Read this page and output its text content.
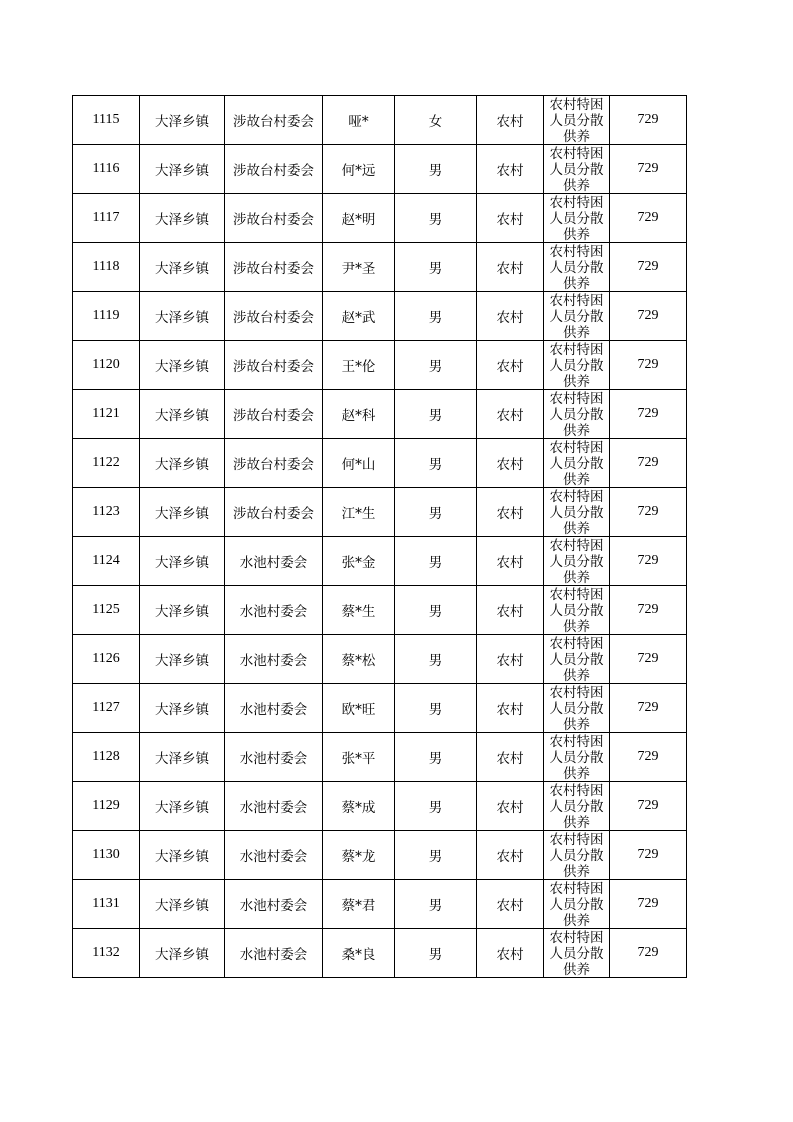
1115	大泽乡镇	涉故台村委会	哑*	女	农村	农村特困人员分散供养	729
1116	大泽乡镇	涉故台村委会	何*远	男	农村	农村特困人员分散供养	729
1117	大泽乡镇	涉故台村委会	赵*明	男	农村	农村特困人员分散供养	729
1118	大泽乡镇	涉故台村委会	尹*圣	男	农村	农村特困人员分散供养	729
1119	大泽乡镇	涉故台村委会	赵*武	男	农村	农村特困人员分散供养	729
1120	大泽乡镇	涉故台村委会	王*伦	男	农村	农村特困人员分散供养	729
1121	大泽乡镇	涉故台村委会	赵*科	男	农村	农村特困人员分散供养	729
1122	大泽乡镇	涉故台村委会	何*山	男	农村	农村特困人员分散供养	729
1123	大泽乡镇	涉故台村委会	江*生	男	农村	农村特困人员分散供养	729
1124	大泽乡镇	水池村委会	张*金	男	农村	农村特困人员分散供养	729
1125	大泽乡镇	水池村委会	蔡*生	男	农村	农村特困人员分散供养	729
1126	大泽乡镇	水池村委会	蔡*松	男	农村	农村特困人员分散供养	729
1127	大泽乡镇	水池村委会	欧*旺	男	农村	农村特困人员分散供养	729
1128	大泽乡镇	水池村委会	张*平	男	农村	农村特困人员分散供养	729
1129	大泽乡镇	水池村委会	蔡*成	男	农村	农村特困人员分散供养	729
1130	大泽乡镇	水池村委会	蔡*龙	男	农村	农村特困人员分散供养	729
1131	大泽乡镇	水池村委会	蔡*君	男	农村	农村特困人员分散供养	729
1132	大泽乡镇	水池村委会	桑*良	男	农村	农村特困人员分散供养	729
